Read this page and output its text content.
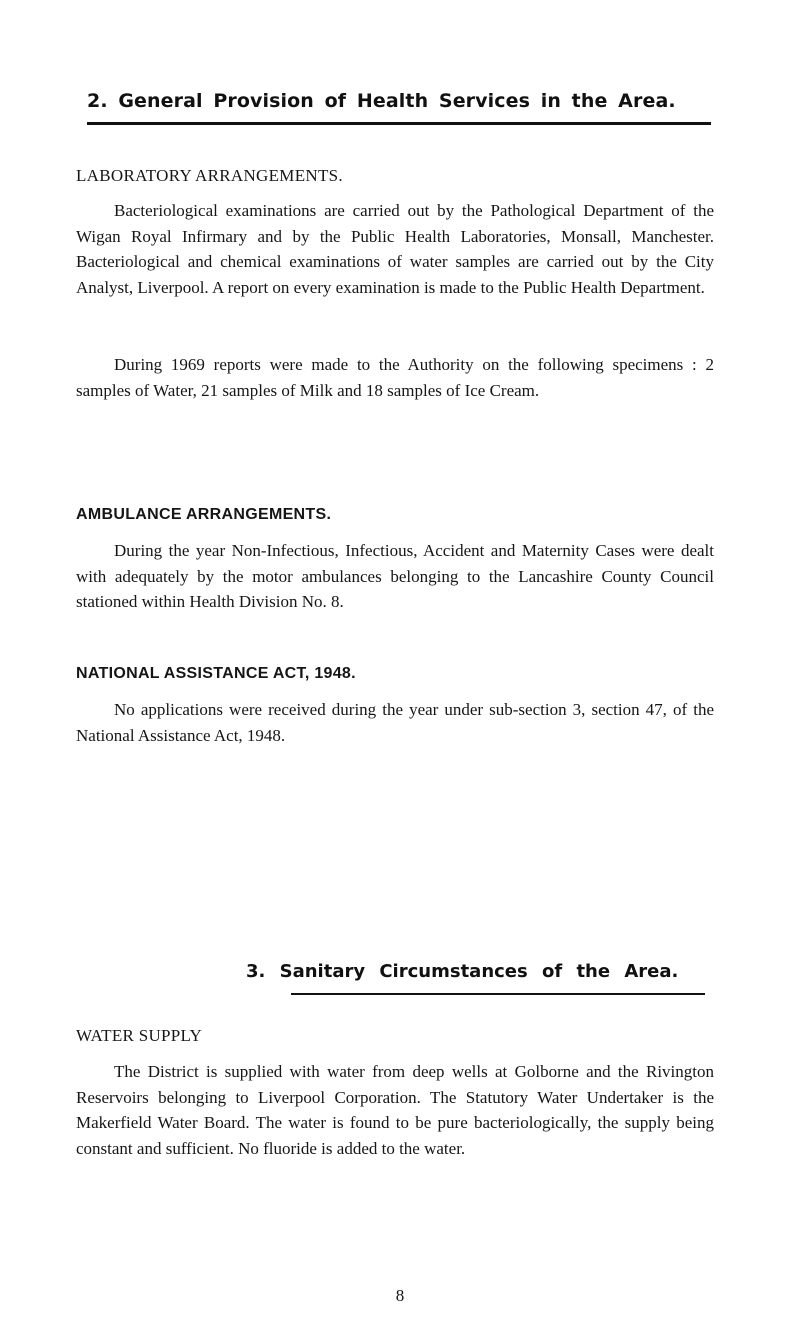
2. General Provision of Health Services in the Area.
LABORATORY ARRANGEMENTS.

Bacteriological examinations are carried out by the Pathological Department of the Wigan Royal Infirmary and by the Public Health Laboratories, Monsall, Manchester. Bacteriological and chemical examinations of water samples are carried out by the City Analyst, Liverpool. A report on every examination is made to the Public Health Department.

During 1969 reports were made to the Authority on the following specimens : 2 samples of Water, 21 samples of Milk and 18 samples of Ice Cream.

AMBULANCE ARRANGEMENTS.

During the year Non-Infectious, Infectious, Accident and Maternity Cases were dealt with adequately by the motor ambulances belonging to the Lancashire County Council stationed within Health Division No. 8.

NATIONAL ASSISTANCE ACT, 1948.

No applications were received during the year under sub-section 3, section 47, of the National Assistance Act, 1948.

3. Sanitary Circumstances of the Area.
WATER SUPPLY

The District is supplied with water from deep wells at Golborne and the Rivington Reservoirs belonging to Liverpool Corporation. The Statutory Water Undertaker is the Makerfield Water Board. The water is found to be pure bacteriologically, the supply being constant and sufficient. No fluoride is added to the water.

8
